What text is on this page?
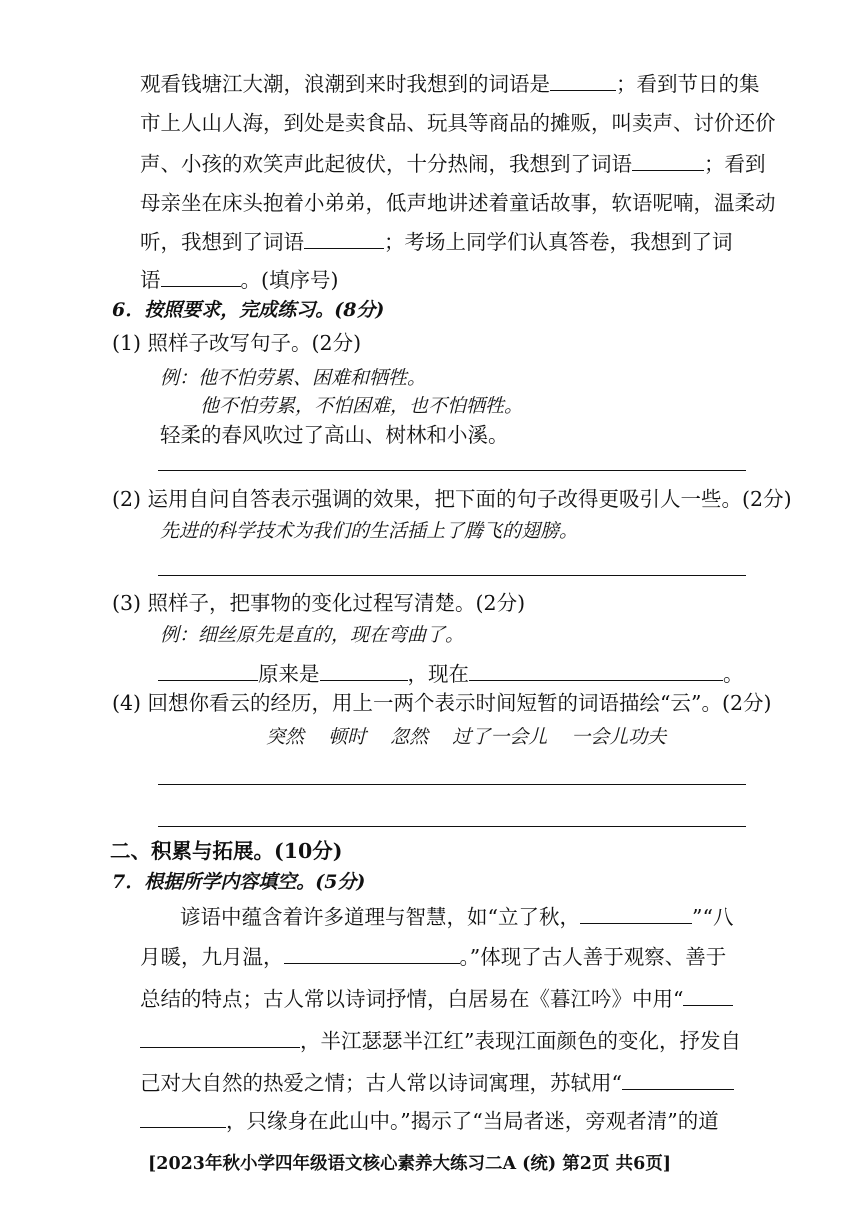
观看钱塘江大潮，浪潮到来时我想到的词语是	；看到节日的集
市上人山人海，到处是卖食品、玩具等商品的摊贩，叫卖声、讨价还价
声、小孩的欢笑声此起彼伏，十分热闹，我想到了词语	；看到
母亲坐在床头抱着小弟弟，低声地讲述着童话故事，软语呢喃，温柔动
听，我想到了词语	；考场上同学们认真答卷，我想到了词
语	。(填序号)
6．按照要求，完成练习。(8分)
(1) 照样子改写句子。(2分)
例：他不怕劳累、困难和牺牲。
他不怕劳累，不怕困难，也不怕牺牲。
轻柔的春风吹过了高山、树林和小溪。
(2) 运用自问自答表示强调的效果，把下面的句子改得更吸引人一些。(2分)
先进的科学技术为我们的生活插上了腾飞的翅膀。
(3) 照样子，把事物的变化过程写清楚。(2分)
例：细丝原先是直的，现在弯曲了。
原来是	，现在	。
(4) 回想你看云的经历，用上一两个表示时间短暂的词语描绘“云”。(2分)
突然 顿时 忽然 过了一会儿 一会儿功夫
二、积累与拓展。(10分)
7．根据所学内容填空。(5分)
谚语中蕴含着许多道理与智慧，如“立了秋，	”“八
月暖，九月温，	。”体现了古人善于观察、善于
总结的特点；古人常以诗词抒情，白居易在《暮江吟》中用“
，半江瑟瑟半江红”表现江面颜色的变化，抒发自
己对大自然的热爱之情；古人常以诗词寓理，苏轼用“
，只缘身在此山中。”揭示了“当局者迷，旁观者清”的道
[2023年秋小学四年级语文核心素养大练习二A (统) 第2页 共6页]
